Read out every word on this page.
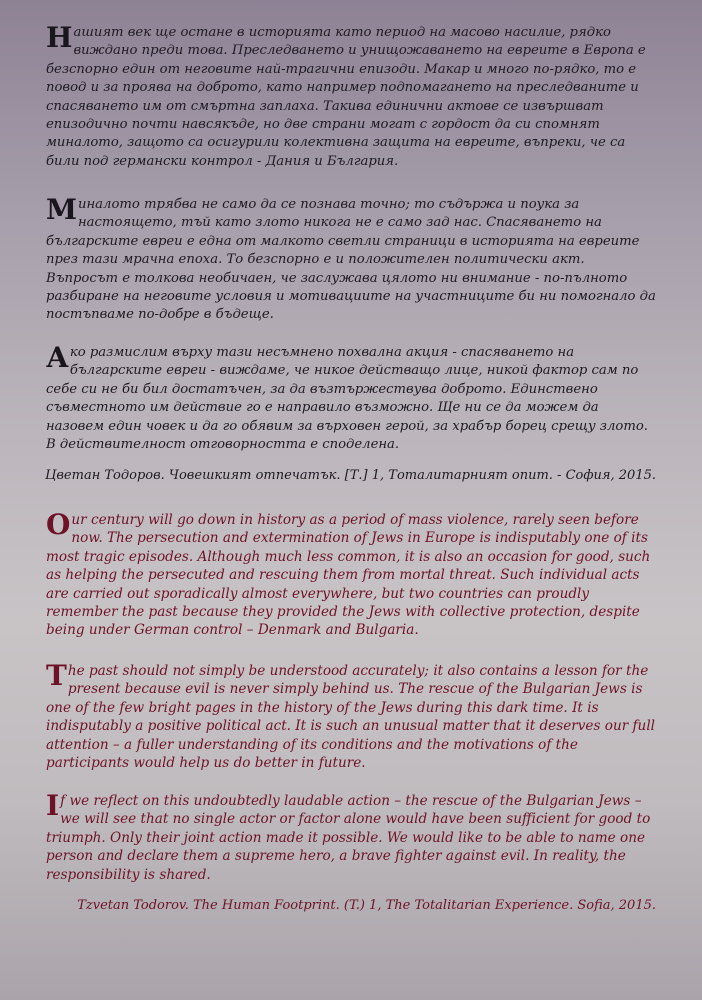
Нашият век ще остане в историята като период на масово насилие, рядко виждано преди това. Преследването и унищожаването на евреите в Европа е безспорно един от неговите най-трагични епизоди. Макар и много по-рядко, то е повод и за проява на доброто, като например подпомагането на преследваните и спасяването им от смъртна заплаха. Такива единични актове се извършват епизодично почти навсякъде, но две страни могат с гордост да си спомнят миналото, защото са осигурили колективна защита на евреите, въпреки, че са били под германски контрол - Дания и България.

Миналото трябва не само да се познава точно; то съдържа и поука за настоящето, тъй като злото никога не е само зад нас. Спасяването на българските евреи е една от малкото светли страници в историята на евреите през тази мрачна епоха. То безспорно е и положителен политически акт. Въпросът е толкова необичаен, че заслужава цялото ни внимание - по-пълното разбиране на неговите условия и мотивациите на участниците би ни помогнало да постъпваме по-добре в бъдеще.

Ако размислим върху тази несъмнено похвална акция - спасяването на българските евреи - виждаме, че никое действащо лице, никой фактор сам по себе си не би бил достатъчен, за да възтържествува доброто. Единствено съвместното им действие го е направило възможно. Ще ни се да можем да назовем един човек и да го обявим за върховен герой, за храбър борец срещу злото. В действителност отговорността е споделена.

Цветан Тодоров. Човешкият отпечатък. [Т.] 1, Тоталитарният опит. - София, 2015.

Our century will go down in history as a period of mass violence, rarely seen before now. The persecution and extermination of Jews in Europe is indisputably one of its most tragic episodes. Although much less common, it is also an occasion for good, such as helping the persecuted and rescuing them from mortal threat. Such individual acts are carried out sporadically almost everywhere, but two countries can proudly remember the past because they provided the Jews with collective protection, despite being under German control – Denmark and Bulgaria.

The past should not simply be understood accurately; it also contains a lesson for the present because evil is never simply behind us. The rescue of the Bulgarian Jews is one of the few bright pages in the history of the Jews during this dark time. It is indisputably a positive political act. It is such an unusual matter that it deserves our full attention – a fuller understanding of its conditions and the motivations of the participants would help us do better in future.

If we reflect on this undoubtedly laudable action – the rescue of the Bulgarian Jews – we will see that no single actor or factor alone would have been sufficient for good to triumph. Only their joint action made it possible. We would like to be able to name one person and declare them a supreme hero, a brave fighter against evil. In reality, the responsibility is shared.

Tzvetan Todorov. The Human Footprint. (T.) 1, The Totalitarian Experience. Sofia, 2015.
